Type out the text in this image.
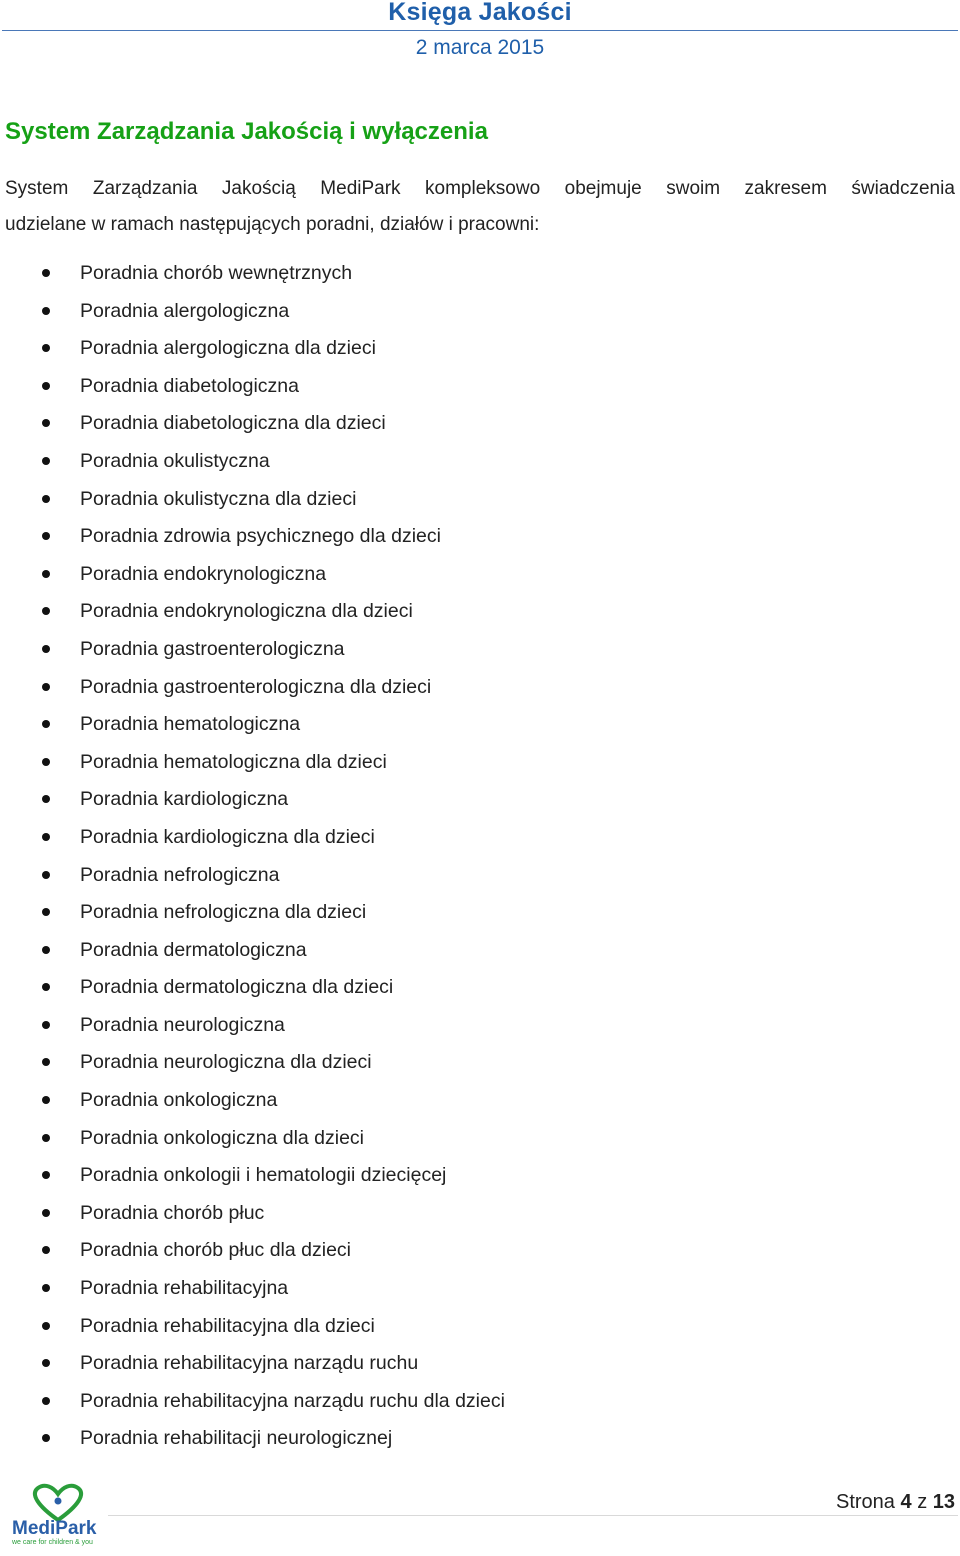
Księga Jakości
2 marca 2015
System Zarządzania Jakością i wyłączenia
System Zarządzania Jakością MediPark kompleksowo obejmuje swoim zakresem świadczenia
udzielane w ramach następujących poradni, działów i pracowni:
Poradnia chorób wewnętrznych
Poradnia alergologiczna
Poradnia alergologiczna dla dzieci
Poradnia diabetologiczna
Poradnia diabetologiczna dla dzieci
Poradnia okulistyczna
Poradnia okulistyczna dla dzieci
Poradnia zdrowia psychicznego dla dzieci
Poradnia endokrynologiczna
Poradnia endokrynologiczna dla dzieci
Poradnia gastroenterologiczna
Poradnia gastroenterologiczna dla dzieci
Poradnia hematologiczna
Poradnia hematologiczna dla dzieci
Poradnia kardiologiczna
Poradnia kardiologiczna dla dzieci
Poradnia nefrologiczna
Poradnia nefrologiczna dla dzieci
Poradnia dermatologiczna
Poradnia dermatologiczna dla dzieci
Poradnia neurologiczna
Poradnia neurologiczna dla dzieci
Poradnia onkologiczna
Poradnia onkologiczna dla dzieci
Poradnia onkologii i hematologii dziecięcej
Poradnia chorób płuc
Poradnia chorób płuc dla dzieci
Poradnia rehabilitacyjna
Poradnia rehabilitacyjna dla dzieci
Poradnia rehabilitacyjna narządu ruchu
Poradnia rehabilitacyjna narządu ruchu dla dzieci
Poradnia rehabilitacji neurologicznej
MediPark
we care for children & you
Strona 4 z 13
